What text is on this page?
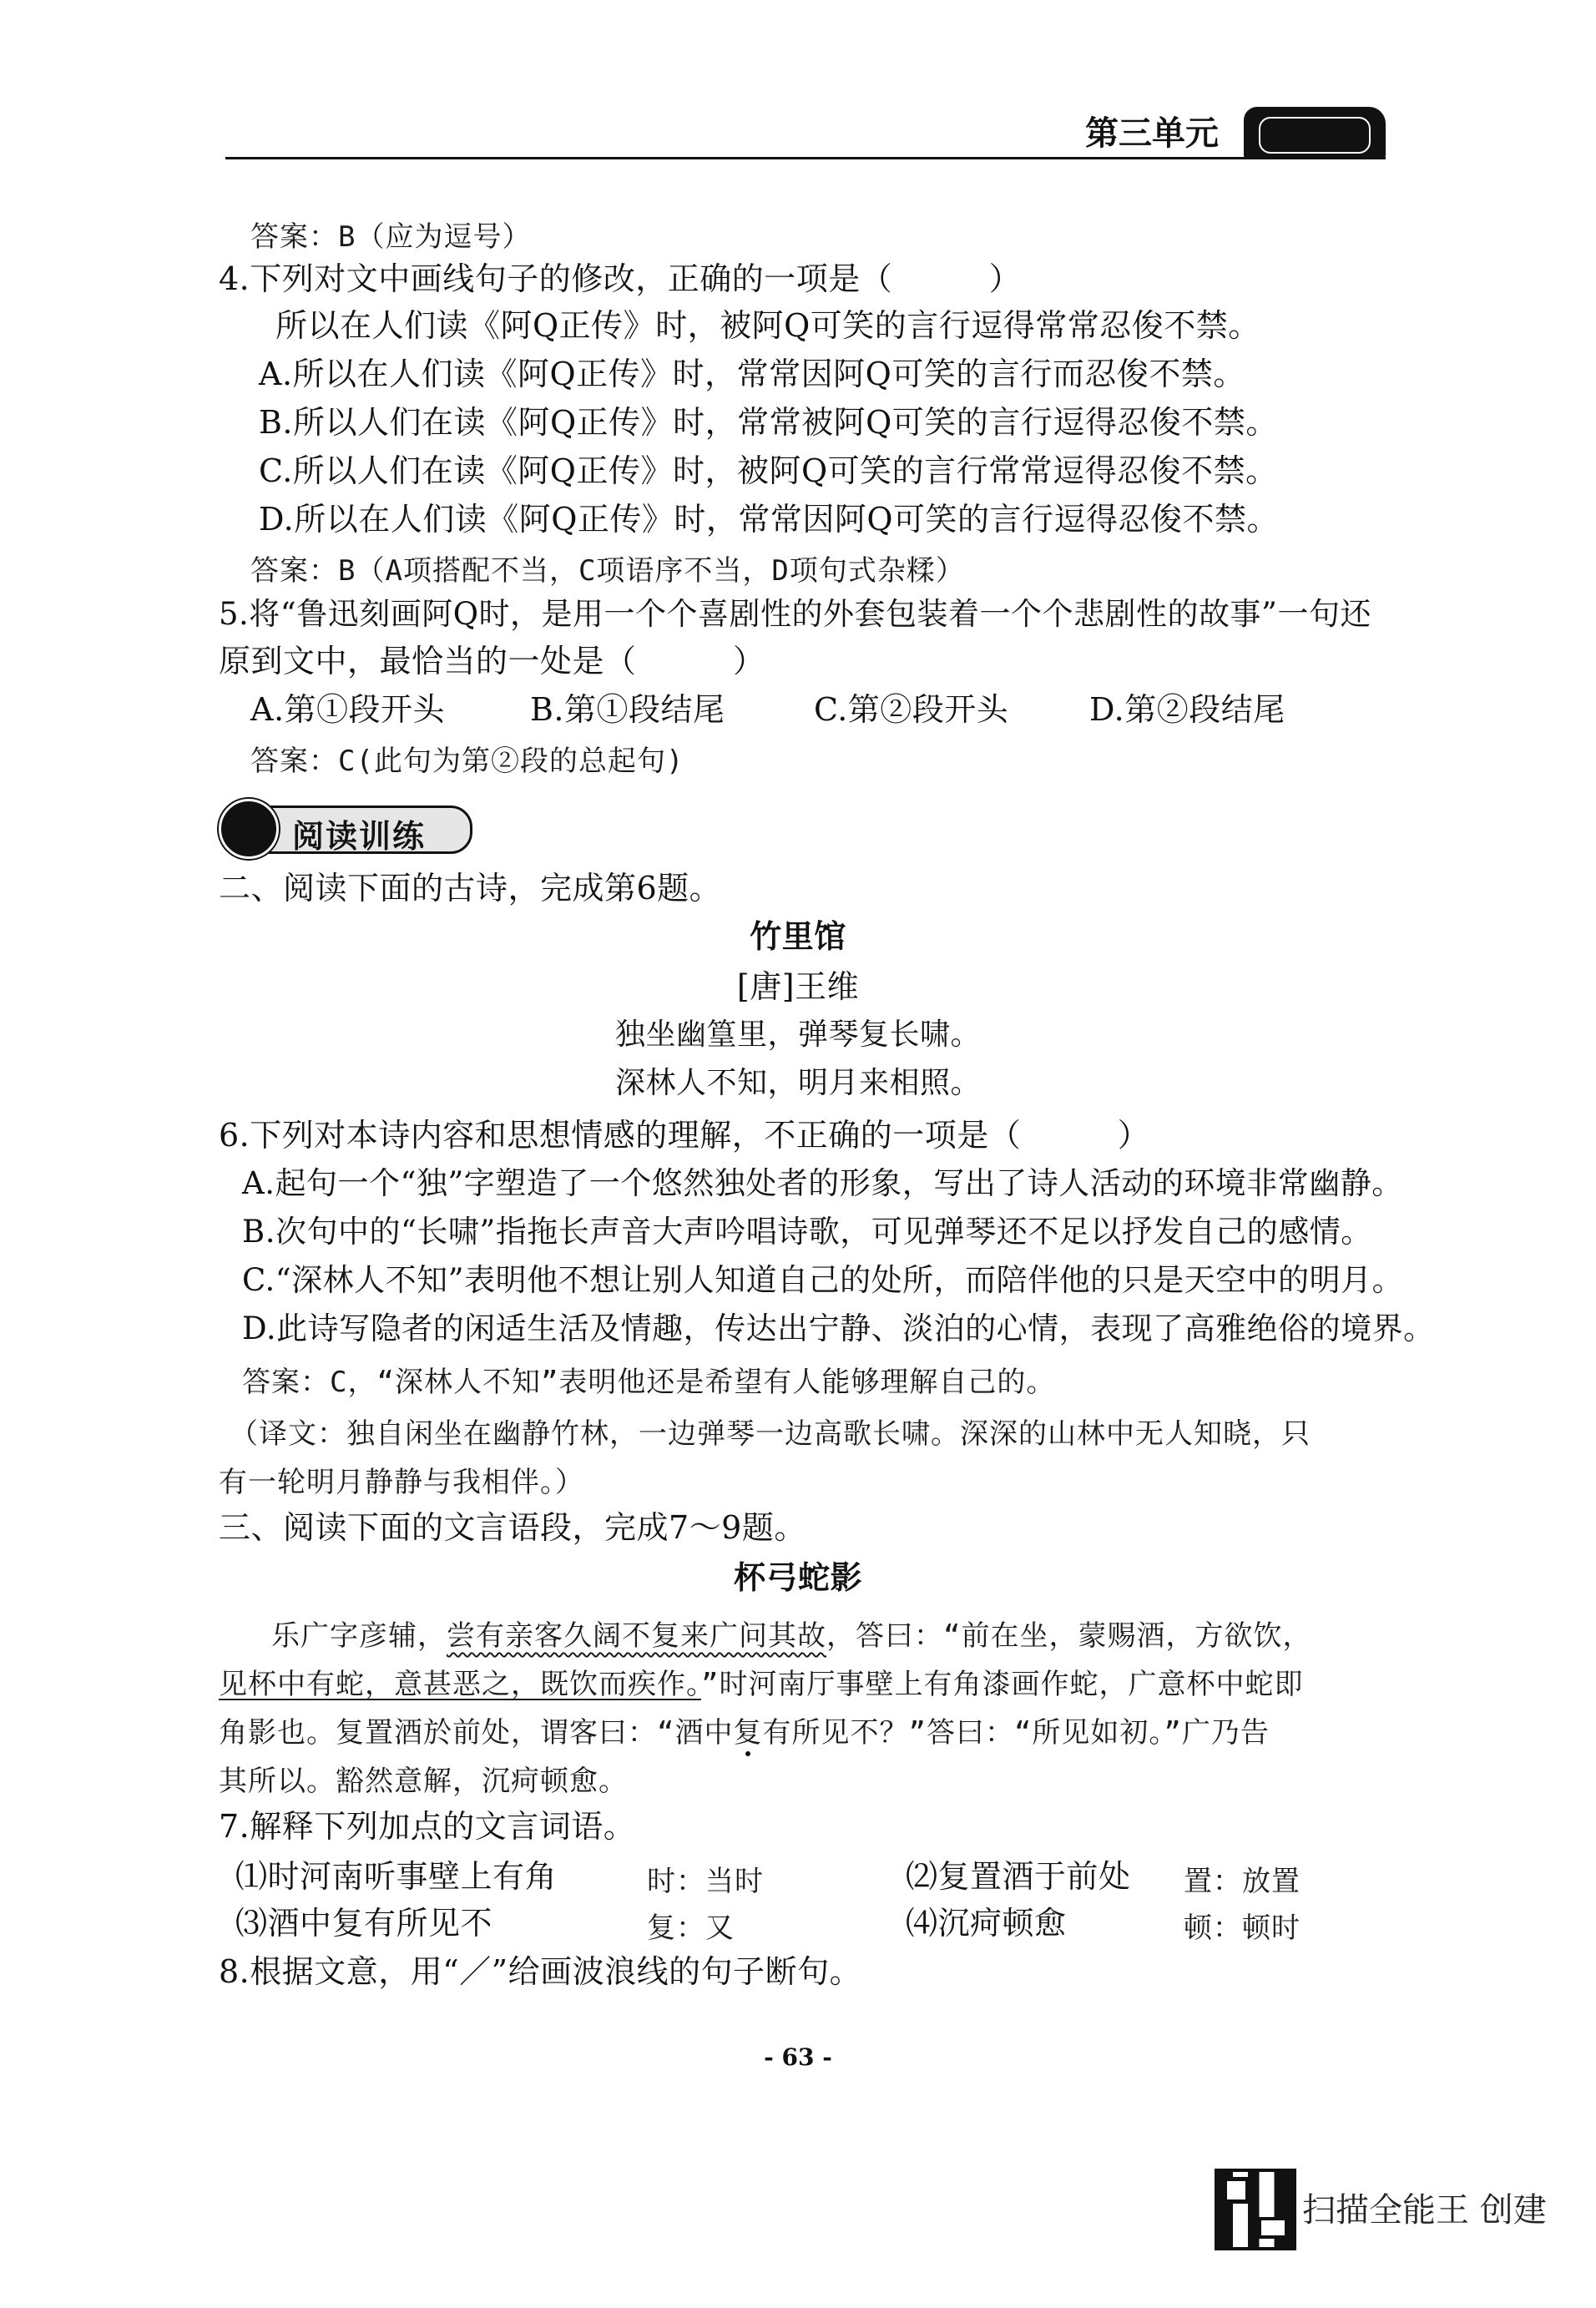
第三单元
答案：B（应为逗号）
4.下列对文中画线句子的修改，正确的一项是（　　　）
所以在人们读《阿Q正传》时，被阿Q可笑的言行逗得常常忍俊不禁。
A.所以在人们读《阿Q正传》时，常常因阿Q可笑的言行而忍俊不禁。
B.所以人们在读《阿Q正传》时，常常被阿Q可笑的言行逗得忍俊不禁。
C.所以人们在读《阿Q正传》时，被阿Q可笑的言行常常逗得忍俊不禁。
D.所以在人们读《阿Q正传》时，常常因阿Q可笑的言行逗得忍俊不禁。
答案：B（A项搭配不当，C项语序不当，D项句式杂糅）
5.将“鲁迅刻画阿Q时，是用一个个喜剧性的外套包装着一个个悲剧性的故事”一句还
原到文中，最恰当的一处是（　　　）
A.第①段开头	B.第①段结尾	C.第②段开头	D.第②段结尾
答案：C(此句为第②段的总起句)
阅读训练
二、阅读下面的古诗，完成第6题。
竹里馆
[唐]王维
独坐幽篁里，弹琴复长啸。
深林人不知，明月来相照。
6.下列对本诗内容和思想情感的理解，不正确的一项是（　　　）
A.起句一个“独”字塑造了一个悠然独处者的形象，写出了诗人活动的环境非常幽静。
B.次句中的“长啸”指拖长声音大声吟唱诗歌，可见弹琴还不足以抒发自己的感情。
C.“深林人不知”表明他不想让别人知道自己的处所，而陪伴他的只是天空中的明月。
D.此诗写隐者的闲适生活及情趣，传达出宁静、淡泊的心情，表现了高雅绝俗的境界。
答案：C，“深林人不知”表明他还是希望有人能够理解自己的。
（译文：独自闲坐在幽静竹林，一边弹琴一边高歌长啸。深深的山林中无人知晓，只
有一轮明月静静与我相伴。）
三、阅读下面的文言语段，完成7～9题。
杯弓蛇影
乐广字彦辅，尝有亲客久阔不复来广问其故，答曰：“前在坐，蒙赐酒，方欲饮，
见杯中有蛇，意甚恶之，既饮而疾作。”时河南厅事壁上有角漆画作蛇，广意杯中蛇即
角影也。复置酒於前处，谓客曰：“酒中复有所见不？”答曰：“所见如初。”广乃告
其所以。豁然意解，沉疴顿愈。
7.解释下列加点的文言词语。
⑴时河南听事壁上有角	时：当时	⑵复置酒于前处 置：放置
⑶酒中复有所见不	复：又	⑷沉疴顿愈	顿：顿时
8.根据文意，用“／”给画波浪线的句子断句。
- 63 -
扫描全能王 创建
